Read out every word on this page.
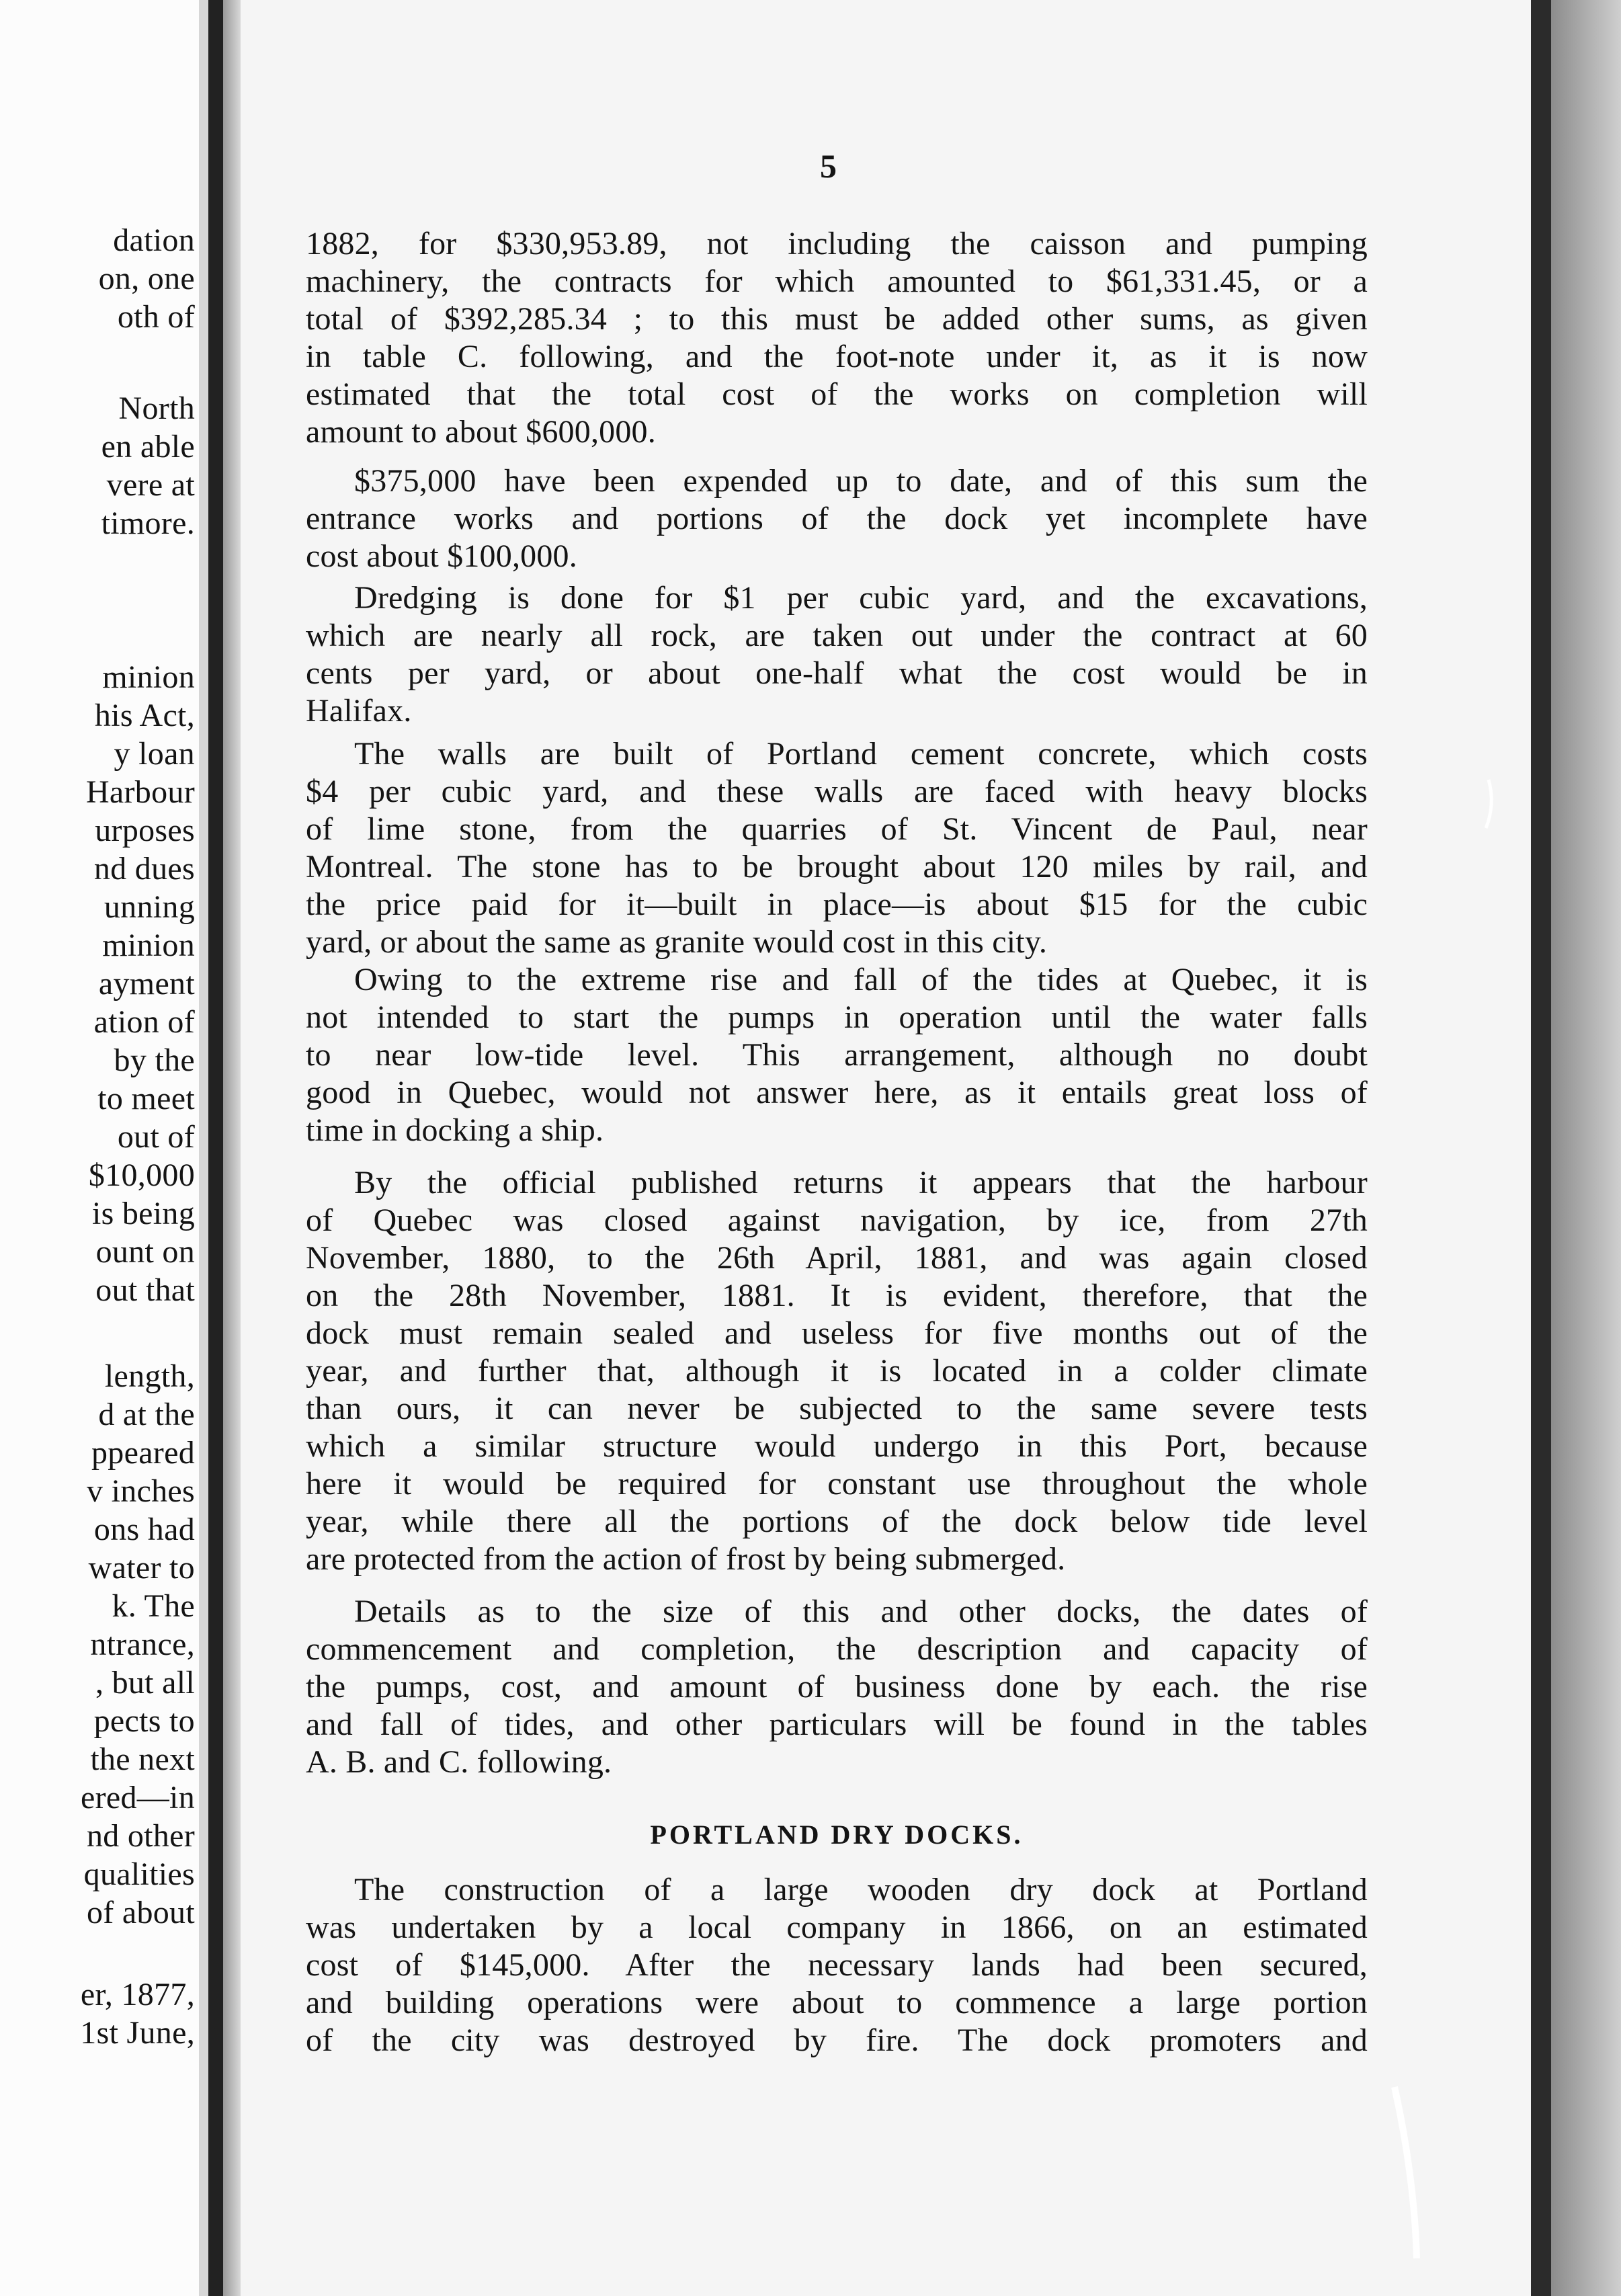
dation
on, one
oth of
North
en able
vere at
timore.
minion
his Act,
y loan
Harbour
urposes
nd dues
unning
minion
ayment
ation of
by the
to meet
out of
$10,000
is being
ount on
out that
length,
d at the
ppeared
v inches
ons had
water to
k. The
ntrance,
, but all
pects to
the next
ered—in
nd other
qualities
of about
er, 1877,
1st June,
5
1882, for $330,953.89, not including the caisson and pumping
machinery, the contracts for which amounted to $61,331.45, or a
total of $392,285.34 ; to this must be added other sums, as given
in table C. following, and the foot-note under it, as it is now
estimated that the total cost of the works on completion will
amount to about $600,000.
$375,000 have been expended up to date, and of this sum the
entrance works and portions of the dock yet incomplete have
cost about $100,000.
Dredging is done for $1 per cubic yard, and the excavations,
which are nearly all rock, are taken out under the contract at 60
cents per yard, or about one-half what the cost would be in
Halifax.
The walls are built of Portland cement concrete, which costs
$4 per cubic yard, and these walls are faced with heavy blocks
of lime stone, from the quarries of St. Vincent de Paul, near
Montreal. The stone has to be brought about 120 miles by rail, and
the price paid for it—built in place—is about $15 for the cubic
yard, or about the same as granite would cost in this city.
Owing to the extreme rise and fall of the tides at Quebec, it is
not intended to start the pumps in operation until the water falls
to near low-tide level. This arrangement, although no doubt
good in Quebec, would not answer here, as it entails great loss of
time in docking a ship.
By the official published returns it appears that the harbour
of Quebec was closed against navigation, by ice, from 27th
November, 1880, to the 26th April, 1881, and was again closed
on the 28th November, 1881. It is evident, therefore, that the
dock must remain sealed and useless for five months out of the
year, and further that, although it is located in a colder climate
than ours, it can never be subjected to the same severe tests
which a similar structure would undergo in this Port, because
here it would be required for constant use throughout the whole
year, while there all the portions of the dock below tide level
are protected from the action of frost by being submerged.
Details as to the size of this and other docks, the dates of
commencement and completion, the description and capacity of
the pumps, cost, and amount of business done by each. the rise
and fall of tides, and other particulars will be found in the tables
A. B. and C. following.
The construction of a large wooden dry dock at Portland
was undertaken by a local company in 1866, on an estimated
cost of $145,000. After the necessary lands had been secured,
and building operations were about to commence a large portion
of the city was destroyed by fire. The dock promoters and
PORTLAND DRY DOCKS.
